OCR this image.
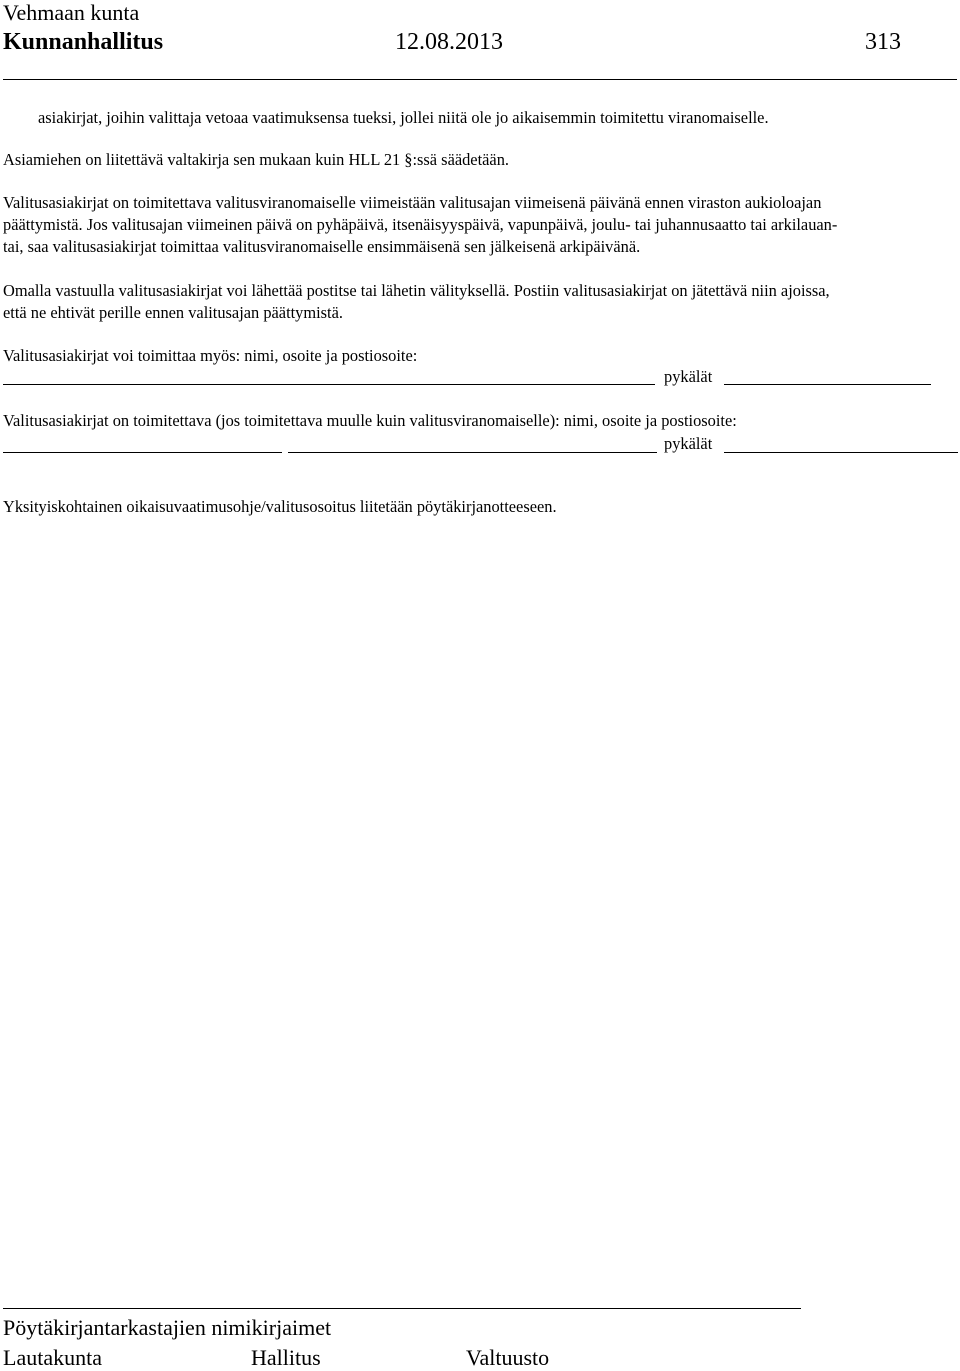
Vehmaan kunta
Kunnanhallitus	12.08.2013	313
asiakirjat, joihin valittaja vetoaa vaatimuksensa tueksi, jollei niitä ole jo aikaisemmin toimitettu viranomaiselle.
Asiamiehen on liitettävä valtakirja sen mukaan kuin HLL 21 §:ssä säädetään.
Valitusasiakirjat on toimitettava valitusviranomaiselle viimeistään valitusajan viimeisenä päivänä ennen viraston aukioloajan
päättymistä. Jos valitusajan viimeinen päivä on pyhäpäivä, itsenäisyyspäivä, vapunpäivä, joulu- tai juhannusaatto tai arkilauan-
tai, saa valitusasiakirjat toimittaa valitusviranomaiselle ensimmäisenä sen jälkeisenä arkipäivänä.
Omalla vastuulla valitusasiakirjat voi lähettää postitse tai lähetin välityksellä. Postiin valitusasiakirjat on jätettävä niin ajoissa,
että ne ehtivät perille ennen valitusajan päättymistä.
Valitusasiakirjat voi toimittaa myös: nimi, osoite ja postiosoite:
pykälät
Valitusasiakirjat on toimitettava (jos toimitettava muulle kuin valitusviranomaiselle): nimi, osoite ja postiosoite:
pykälät
Yksityiskohtainen oikaisuvaatimusohje/valitusosoitus liitetään pöytäkirjanotteeseen.
Pöytäkirjantarkastajien nimikirjaimet
Lautakunta	Hallitus	Valtuusto
